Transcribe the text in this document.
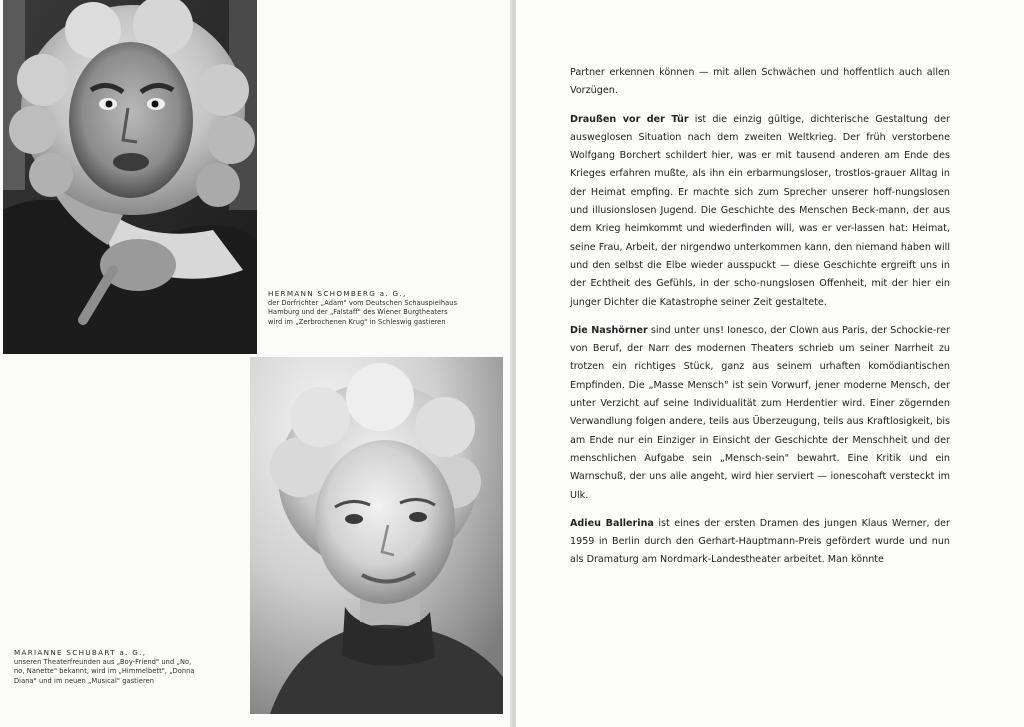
HERMANN SCHOMBERG a. G.,
der Dorfrichter „Adam" vom Deutschen Schauspielhaus
Hamburg und der „Falstaff" des Wiener Burgtheaters
wird im „Zerbrochenen Krug" in Schleswig gastieren
MARIANNE SCHUBART a. G.,
unseren Theaterfreunden aus „Boy-Friend" und „No,
no, Nanette" bekannt, wird im „Himmelbett", „Donna
Diana" und im neuen „Musical" gastieren

Partner erkennen können — mit allen Schwächen und hoffentlich auch allen Vorzügen.

Draußen vor der Tür ist die einzig gültige, dichterische Gestaltung der ausweglosen Situation nach dem zweiten Weltkrieg. Der früh verstorbene Wolfgang Borchert schildert hier, was er mit tausend anderen am Ende des Krieges erfahren mußte, als ihn ein erbarmungsloser, trostlos-grauer Alltag in der Heimat empfing. Er machte sich zum Sprecher unserer hoff-nungslosen und illusionslosen Jugend. Die Geschichte des Menschen Beck-mann, der aus dem Krieg heimkommt und wiederfinden will, was er ver-lassen hat: Heimat, seine Frau, Arbeit, der nirgendwo unterkommen kann, den niemand haben will und den selbst die Elbe wieder ausspuckt — diese Geschichte ergreift uns in der Echtheit des Gefühls, in der scho-nungslosen Offenheit, mit der hier ein junger Dichter die Katastrophe seiner Zeit gestaltete.

Die Nashörner sind unter uns! Ionesco, der Clown aus Paris, der Schockie-rer von Beruf, der Narr des modernen Theaters schrieb um seiner Narrheit zu trotzen ein richtiges Stück, ganz aus seinem urhaften komödiantischen Empfinden. Die „Masse Mensch" ist sein Vorwurf, jener moderne Mensch, der unter Verzicht auf seine Individualität zum Herdentier wird. Einer zögernden Verwandlung folgen andere, teils aus Überzeugung, teils aus Kraftlosigkeit, bis am Ende nur ein Einziger in Einsicht der Geschichte der Menschheit und der menschlichen Aufgabe sein „Mensch-sein" bewahrt. Eine Kritik und ein Warnschuß, der uns alle angeht, wird hier serviert — ionescohaft versteckt im Ulk.

Adieu Ballerina ist eines der ersten Dramen des jungen Klaus Werner, der 1959 in Berlin durch den Gerhart-Hauptmann-Preis gefördert wurde und nun als Dramaturg am Nordmark-Landestheater arbeitet. Man könnte
